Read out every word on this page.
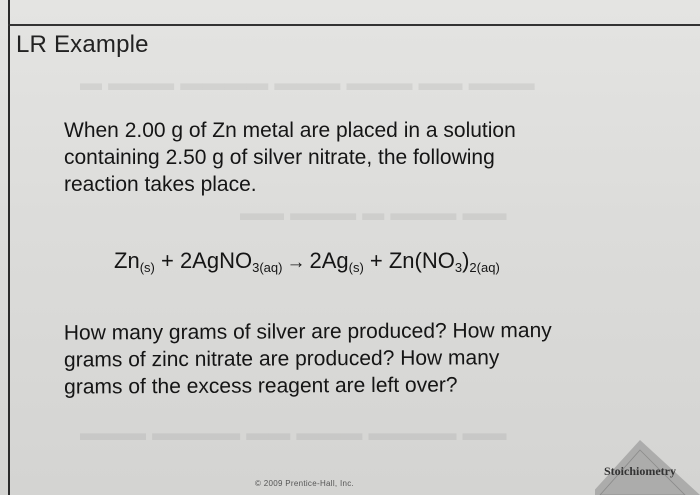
▬ ▬▬▬ ▬▬▬▬ ▬▬▬ ▬▬▬ ▬▬ ▬▬▬
▬▬ ▬▬▬ ▬ ▬▬▬ ▬▬
▬▬▬ ▬▬▬▬ ▬▬ ▬▬▬ ▬▬▬▬ ▬▬
LR Example
When 2.00 g of Zn metal are placed in a solution
containing 2.50 g of silver nitrate, the following
reaction takes place.
$Zn_{(s)}$ + 2AgNO$_{3(aq)}$ → $2Ag_{(s)} + Zn(NO_3)_{2(aq)}$
How many grams of silver are produced? How many
grams of zinc nitrate are produced? How many
grams of the excess reagent are left over?
Stoichiometry
© 2009 Prentice-Hall, Inc.
